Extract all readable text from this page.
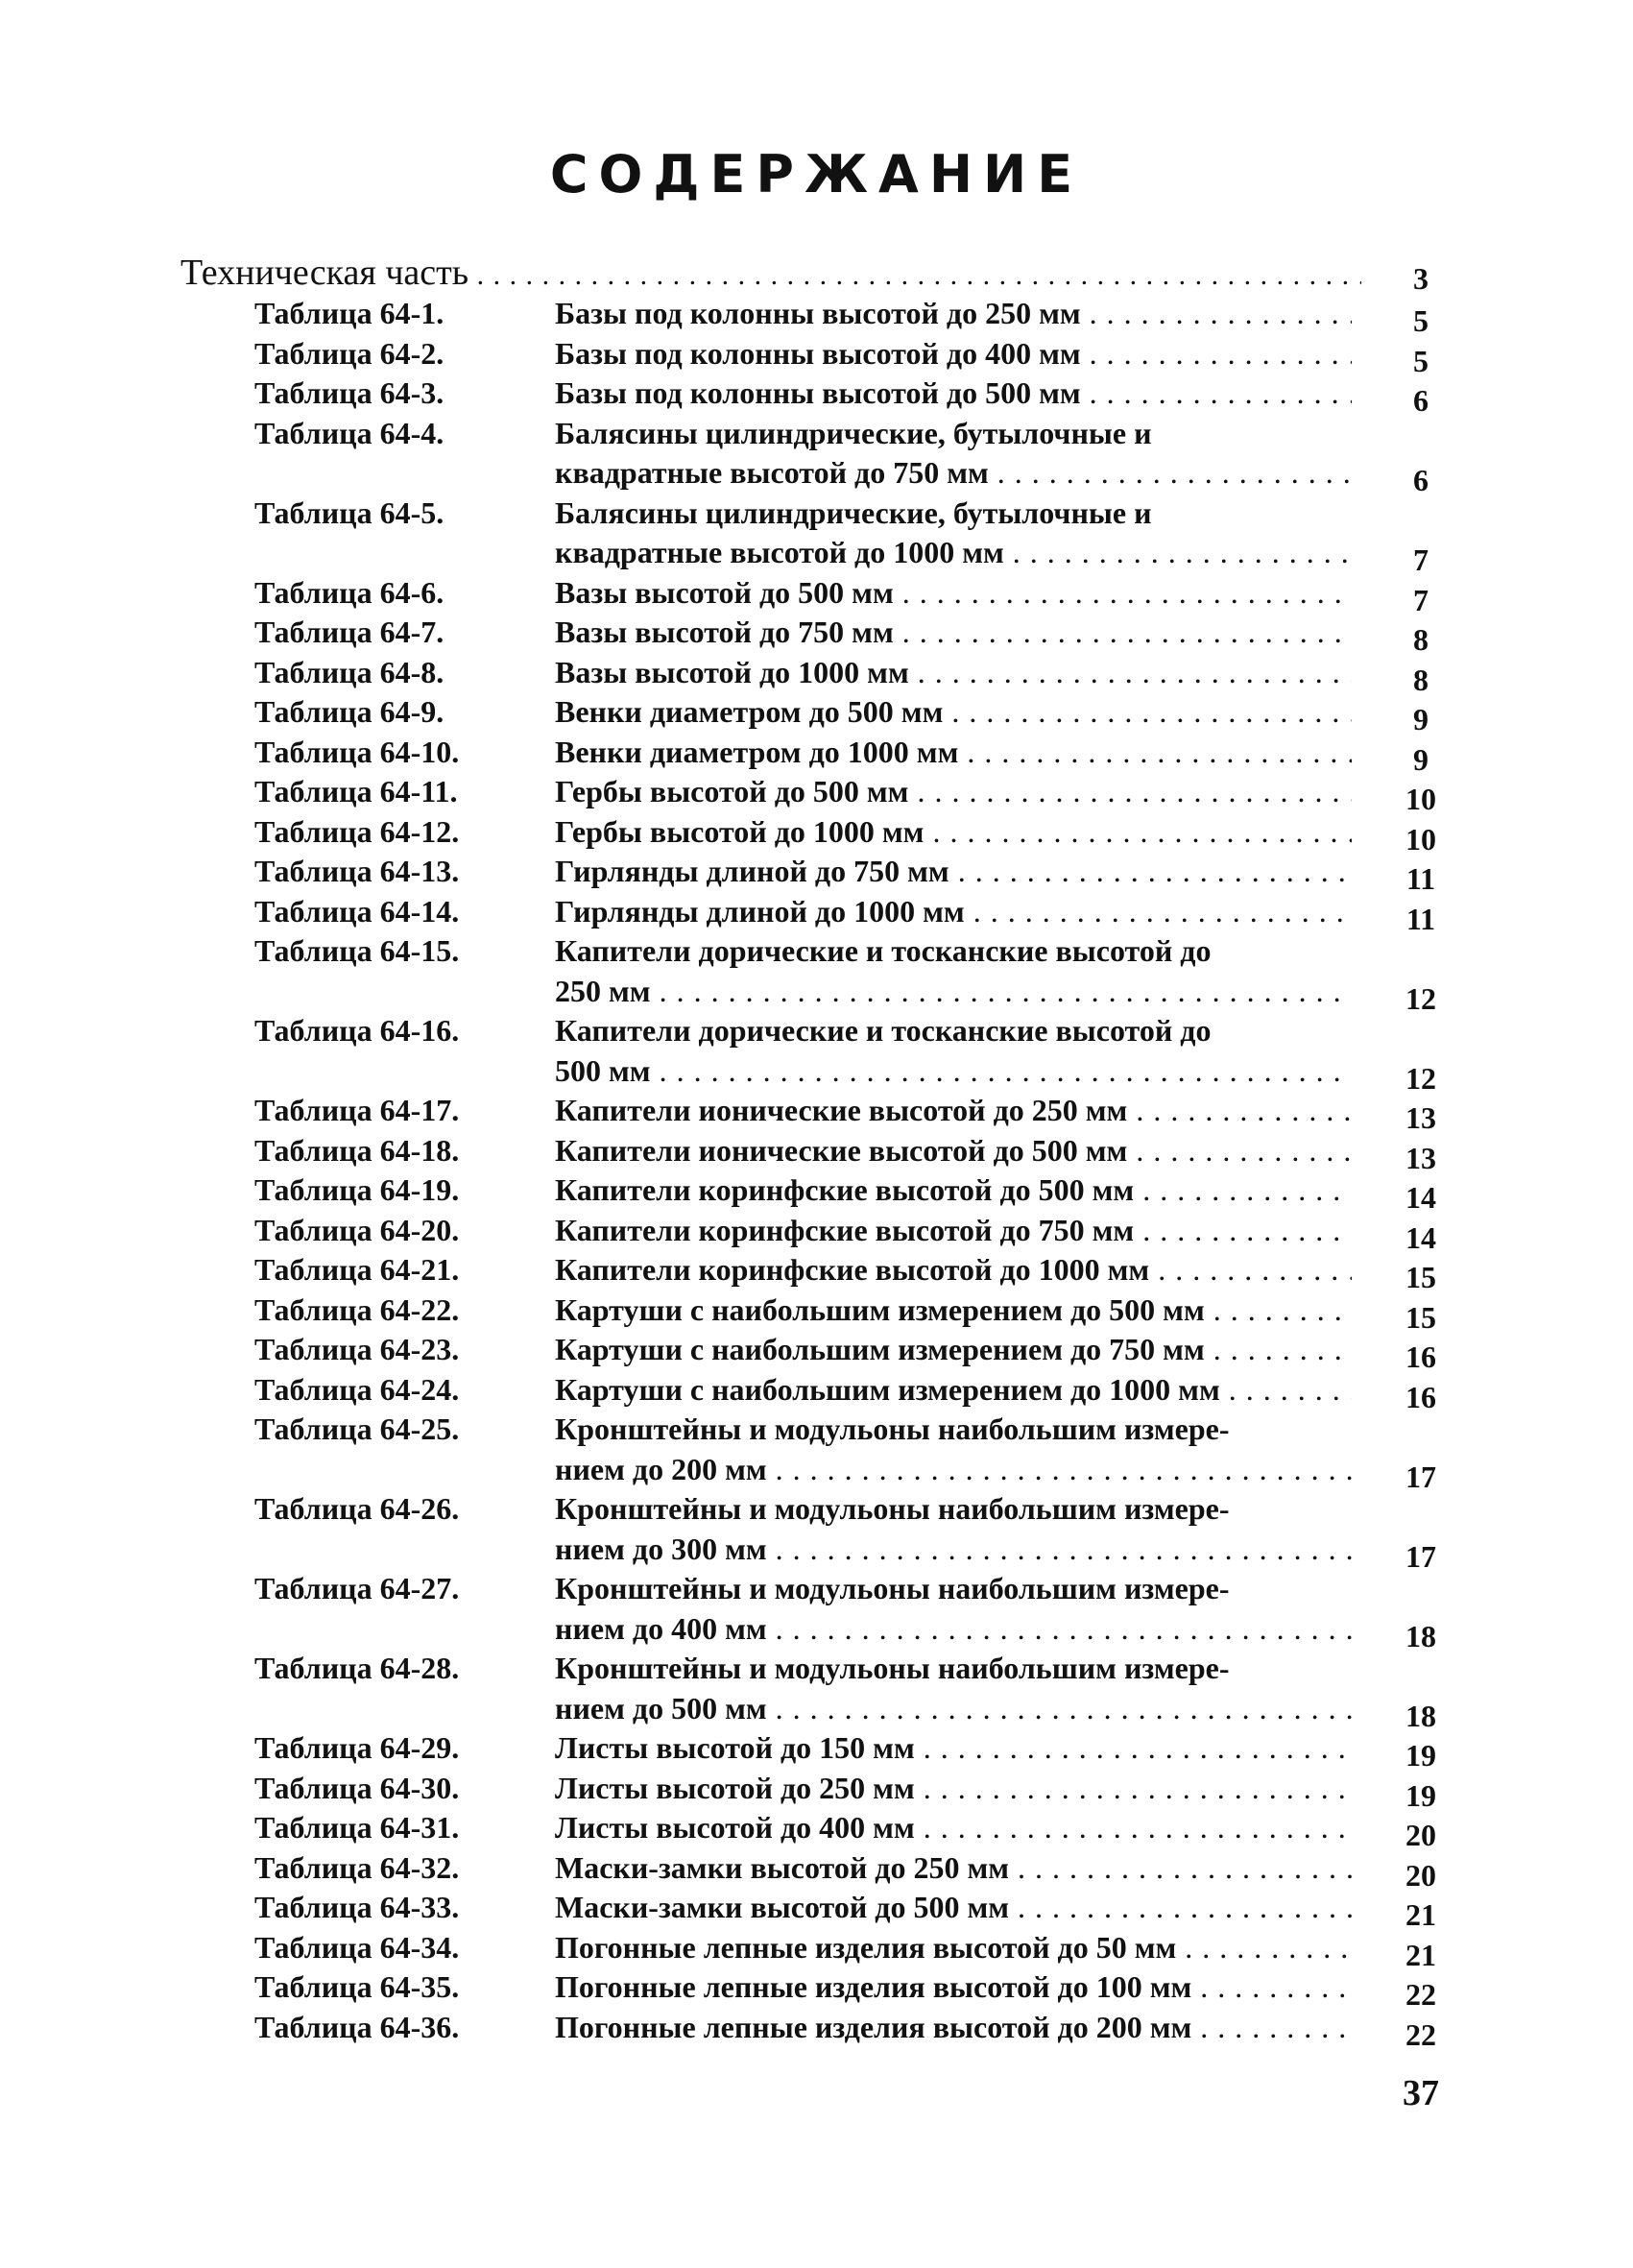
СОДЕРЖАНИЕ
Техническая часть . . .	3
Таблица 64-1.	Базы под колонны высотой до 250 мм . . .	5
Таблица 64-2.	Базы под колонны высотой до 400 мм . . .	5
Таблица 64-3.	Базы под колонны высотой до 500 мм . . .	6
Таблица 64-4.	Балясины цилиндрические, бутылочные и
квадратные высотой до 750 мм . . .	6
Таблица 64-5.	Балясины цилиндрические, бутылочные и
квадратные высотой до 1000 мм . . .	7
Таблица 64-6.	Вазы высотой до 500 мм . . .	7
Таблица 64-7.	Вазы высотой до 750 мм . . .	8
Таблица 64-8.	Вазы высотой до 1000 мм . . .	8
Таблица 64-9.	Венки диаметром до 500 мм . . .	9
Таблица 64-10.	Венки диаметром до 1000 мм . . .	9
Таблица 64-11.	Гербы высотой до 500 мм . . .	10
Таблица 64-12.	Гербы высотой до 1000 мм . . .	10
Таблица 64-13.	Гирлянды длиной до 750 мм . . .	11
Таблица 64-14.	Гирлянды длиной до 1000 мм . . .	11
Таблица 64-15.	Капители дорические и тосканские высотой до
250 мм . . .	12
Таблица 64-16.	Капители дорические и тосканские высотой до
500 мм . . .	12
Таблица 64-17.	Капители ионические высотой до 250 мм . . .	13
Таблица 64-18.	Капители ионические высотой до 500 мм . . .	13
Таблица 64-19.	Капители коринфские высотой до 500 мм . . .	14
Таблица 64-20.	Капители коринфские высотой до 750 мм . . .	14
Таблица 64-21.	Капители коринфские высотой до 1000 мм . . .	15
Таблица 64-22.	Картуши с наибольшим измерением до 500 мм . . .	15
Таблица 64-23.	Картуши с наибольшим измерением до 750 мм . . .	16
Таблица 64-24.	Картуши с наибольшим измерением до 1000 мм . . .	16
Таблица 64-25.	Кронштейны и модульоны наибольшим измере-
нием до 200 мм . . .	17
Таблица 64-26.	Кронштейны и модульоны наибольшим измере-
нием до 300 мм . . .	17
Таблица 64-27.	Кронштейны и модульоны наибольшим измере-
нием до 400 мм . . .	18
Таблица 64-28.	Кронштейны и модульоны наибольшим измере-
нием до 500 мм . . .	18
Таблица 64-29.	Листы высотой до 150 мм . . .	19
Таблица 64-30.	Листы высотой до 250 мм . . .	19
Таблица 64-31.	Листы высотой до 400 мм . . .	20
Таблица 64-32.	Маски-замки высотой до 250 мм . . .	20
Таблица 64-33.	Маски-замки высотой до 500 мм . . .	21
Таблица 64-34.	Погонные лепные изделия высотой до 50 мм . . .	21
Таблица 64-35.	Погонные лепные изделия высотой до 100 мм . . .	22
Таблица 64-36.	Погонные лепные изделия высотой до 200 мм . . .	22
37
